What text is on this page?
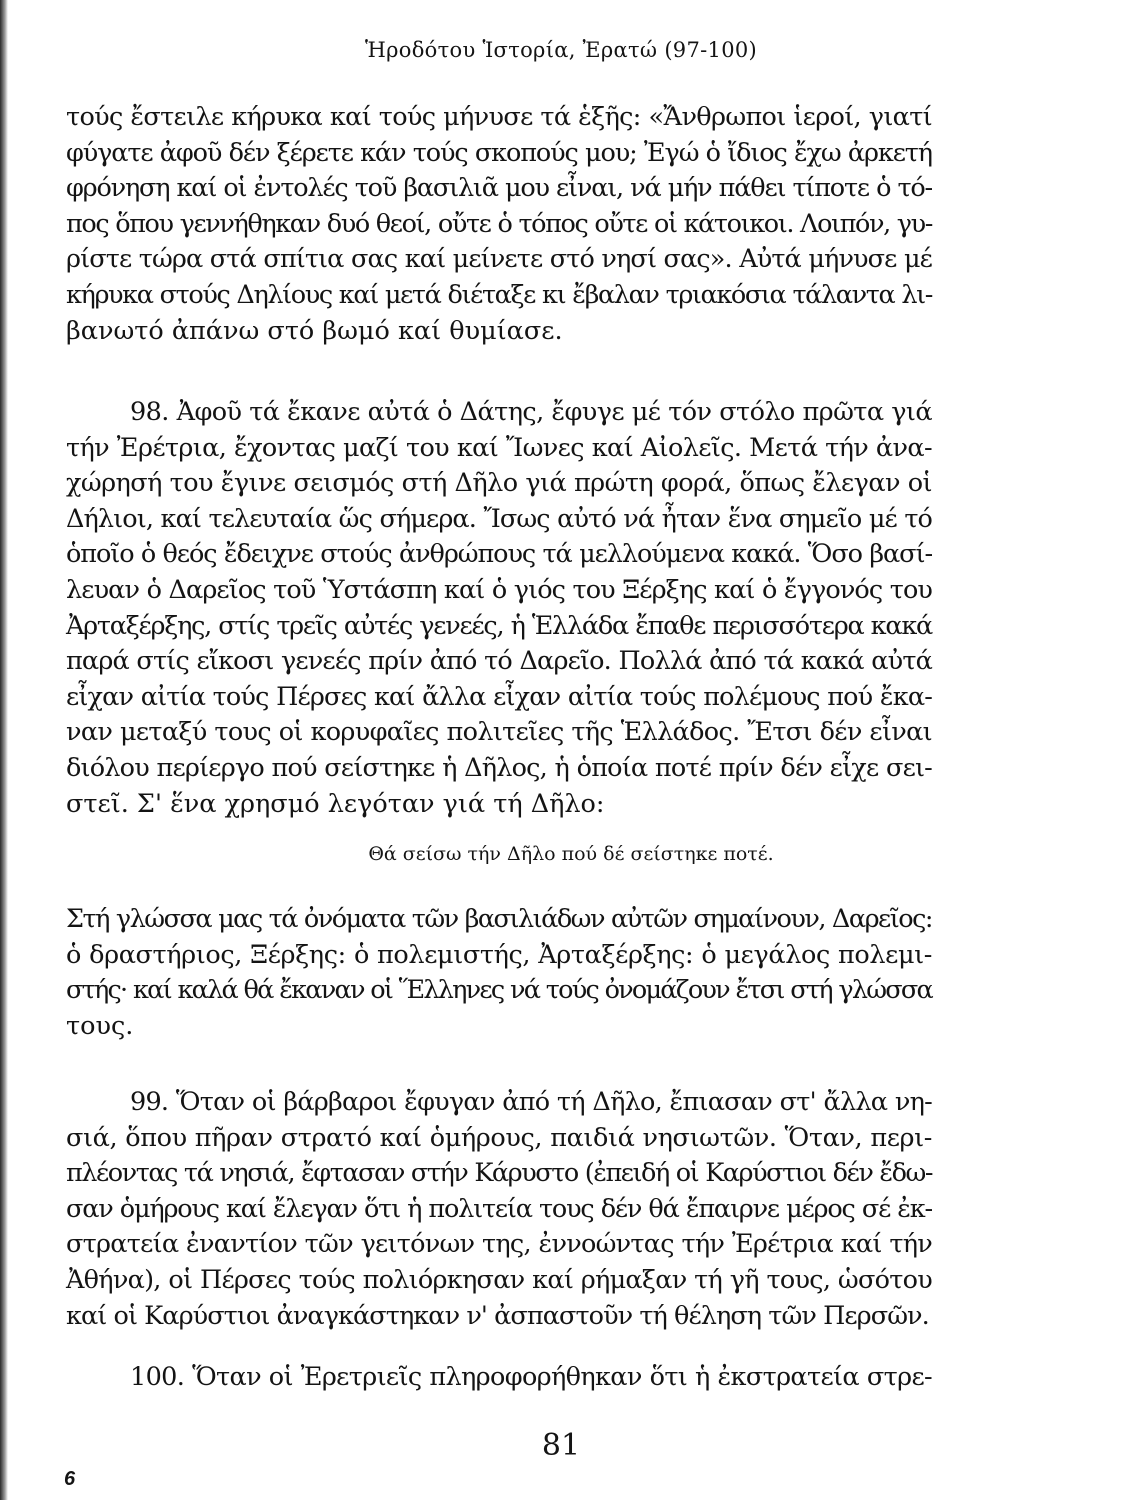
Ἡροδότου Ἱστορία, Ἐρατώ (97-100)
τούς ἔστειλε κήρυκα καί τούς μήνυσε τά ἑξῆς: «Ἄνθρωποι ἱεροί, γιατί
φύγατε ἀφοῦ δέν ξέρετε κάν τούς σκοπούς μου; Ἐγώ ὁ ἴδιος ἔχω ἀρκετή
φρόνηση καί οἱ ἐντολές τοῦ βασιλιᾶ μου εἶναι, νά μήν πάθει τίποτε ὁ τό-
πος ὅπου γεννήθηκαν δυό θεοί, οὔτε ὁ τόπος οὔτε οἱ κάτοικοι. Λοιπόν, γυ-
ρίστε τώρα στά σπίτια σας καί μείνετε στό νησί σας». Αὐτά μήνυσε μέ
κήρυκα στούς Δηλίους καί μετά διέταξε κι ἔβαλαν τριακόσια τάλαντα λι-
βανωτό ἀπάνω στό βωμό καί θυμίασε.
98. Ἀφοῦ τά ἔκανε αὐτά ὁ Δάτης, ἔφυγε μέ τόν στόλο πρῶτα γιά
τήν Ἐρέτρια, ἔχοντας μαζί του καί Ἴωνες καί Αἰολεῖς. Μετά τήν ἀνα-
χώρησή του ἔγινε σεισμός στή Δῆλο γιά πρώτη φορά, ὅπως ἔλεγαν οἱ
Δήλιοι, καί τελευταία ὥς σήμερα. Ἴσως αὐτό νά ἦταν ἕνα σημεῖο μέ τό
ὁποῖο ὁ θεός ἔδειχνε στούς ἀνθρώπους τά μελλούμενα κακά. Ὅσο βασί-
λευαν ὁ Δαρεῖος τοῦ Ὑστάσπη καί ὁ γιός του Ξέρξης καί ὁ ἔγγονός του
Ἀρταξέρξης, στίς τρεῖς αὐτές γενεές, ἡ Ἑλλάδα ἔπαθε περισσότερα κακά
παρά στίς εἴκοσι γενεές πρίν ἀπό τό Δαρεῖο. Πολλά ἀπό τά κακά αὐτά
εἶχαν αἰτία τούς Πέρσες καί ἄλλα εἶχαν αἰτία τούς πολέμους πού ἔκα-
ναν μεταξύ τους οἱ κορυφαῖες πολιτεῖες τῆς Ἑλλάδος. Ἔτσι δέν εἶναι
διόλου περίεργο πού σείστηκε ἡ Δῆλος, ἡ ὁποία ποτέ πρίν δέν εἶχε σει-
στεῖ. Σ' ἕνα χρησμό λεγόταν γιά τή Δῆλο:
Θά σείσω τήν Δῆλο πού δέ σείστηκε ποτέ.
Στή γλώσσα μας τά ὀνόματα τῶν βασιλιάδων αὐτῶν σημαίνουν, Δαρεῖος:
ὁ δραστήριος, Ξέρξης: ὁ πολεμιστής, Ἀρταξέρξης: ὁ μεγάλος πολεμι-
στής· καί καλά θά ἔκαναν οἱ Ἕλληνες νά τούς ὀνομάζουν ἔτσι στή γλώσσα
τους.
99. Ὅταν οἱ βάρβαροι ἔφυγαν ἀπό τή Δῆλο, ἔπιασαν στ' ἄλλα νη-
σιά, ὅπου πῆραν στρατό καί ὁμήρους, παιδιά νησιωτῶν. Ὅταν, περι-
πλέοντας τά νησιά, ἔφτασαν στήν Κάρυστο (ἐπειδή οἱ Καρύστιοι δέν ἔδω-
σαν ὁμήρους καί ἔλεγαν ὅτι ἡ πολιτεία τους δέν θά ἔπαιρνε μέρος σέ ἐκ-
στρατεία ἐναντίον τῶν γειτόνων της, ἐννοώντας τήν Ἐρέτρια καί τήν
Ἀθήνα), οἱ Πέρσες τούς πολιόρκησαν καί ρήμαξαν τή γῆ τους, ὡσότου
καί οἱ Καρύστιοι ἀναγκάστηκαν ν' ἀσπαστοῦν τή θέληση τῶν Περσῶν.
100. Ὅταν οἱ Ἐρετριεῖς πληροφορήθηκαν ὅτι ἡ ἐκστρατεία στρε-
81
6
